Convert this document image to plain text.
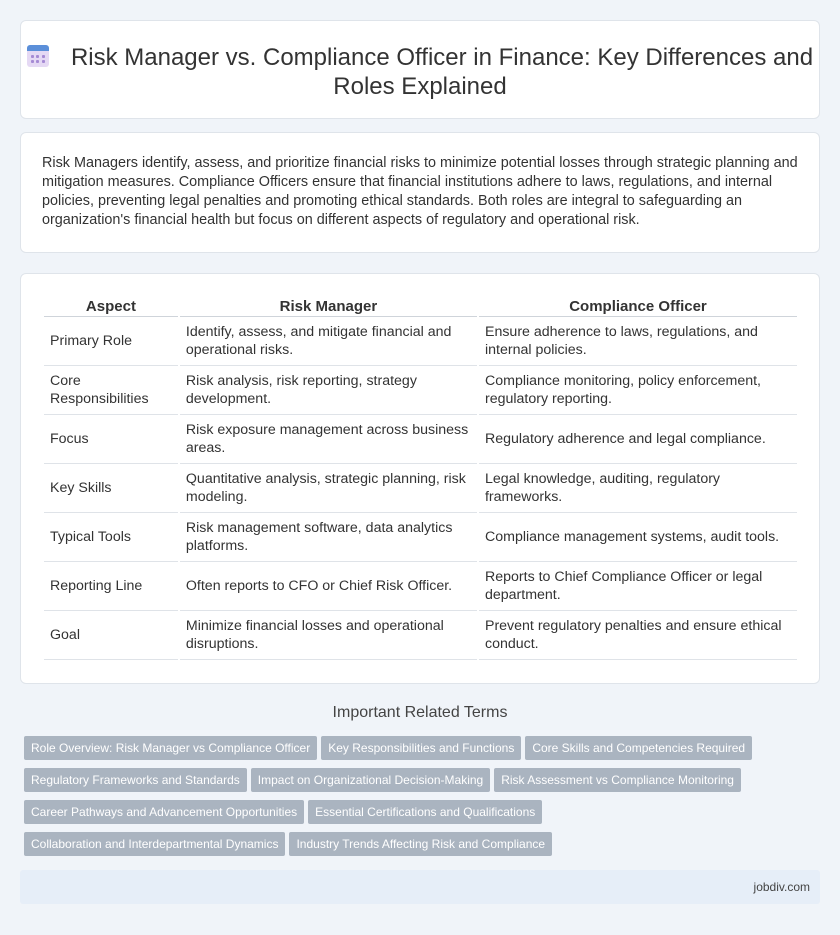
Risk Manager vs. Compliance Officer in Finance: Key Differences and Roles Explained

Risk Managers identify, assess, and prioritize financial risks to minimize potential losses through strategic planning and mitigation measures. Compliance Officers ensure that financial institutions adhere to laws, regulations, and internal policies, preventing legal penalties and promoting ethical standards. Both roles are integral to safeguarding an organization's financial health but focus on different aspects of regulatory and operational risk.

Aspect	Risk Manager	Compliance Officer
Primary Role	Identify, assess, and mitigate financial and operational risks.	Ensure adherence to laws, regulations, and internal policies.
Core Responsibilities	Risk analysis, risk reporting, strategy development.	Compliance monitoring, policy enforcement, regulatory reporting.
Focus	Risk exposure management across business areas.	Regulatory adherence and legal compliance.
Key Skills	Quantitative analysis, strategic planning, risk modeling.	Legal knowledge, auditing, regulatory frameworks.
Typical Tools	Risk management software, data analytics platforms.	Compliance management systems, audit tools.
Reporting Line	Often reports to CFO or Chief Risk Officer.	Reports to Chief Compliance Officer or legal department.
Goal	Minimize financial losses and operational disruptions.	Prevent regulatory penalties and ensure ethical conduct.
Important Related Terms
Role Overview: Risk Manager vs Compliance Officer Key Responsibilities and Functions Core Skills and Competencies Required
Regulatory Frameworks and Standards Impact on Organizational Decision-Making Risk Assessment vs Compliance Monitoring
Career Pathways and Advancement Opportunities Essential Certifications and Qualifications
Collaboration and Interdepartmental Dynamics Industry Trends Affecting Risk and Compliance
jobdiv.com
